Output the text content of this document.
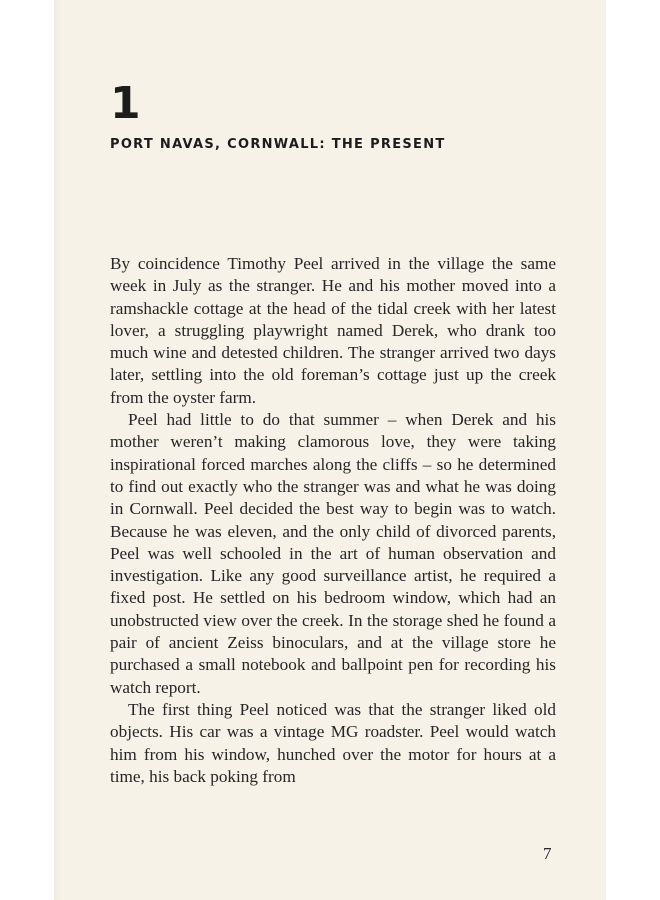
1
PORT NAVAS, CORNWALL: THE PRESENT

By coincidence Timothy Peel arrived in the village the same week in July as the stranger. He and his mother moved into a ramshackle cottage at the head of the tidal creek with her latest lover, a struggling playwright named Derek, who drank too much wine and detested children. The stranger arrived two days later, settling into the old foreman’s cottage just up the creek from the oyster farm.

Peel had little to do that summer – when Derek and his mother weren’t making clamorous love, they were taking inspirational forced marches along the cliffs – so he determined to find out exactly who the stranger was and what he was doing in Cornwall. Peel decided the best way to begin was to watch. Because he was eleven, and the only child of divorced parents, Peel was well schooled in the art of human observation and investigation. Like any good surveillance artist, he required a fixed post. He settled on his bedroom window, which had an unobstructed view over the creek. In the storage shed he found a pair of ancient Zeiss binoculars, and at the village store he purchased a small notebook and ballpoint pen for recording his watch report.

The first thing Peel noticed was that the stranger liked old objects. His car was a vintage MG roadster. Peel would watch him from his window, hunched over the motor for hours at a time, his back poking from

7
